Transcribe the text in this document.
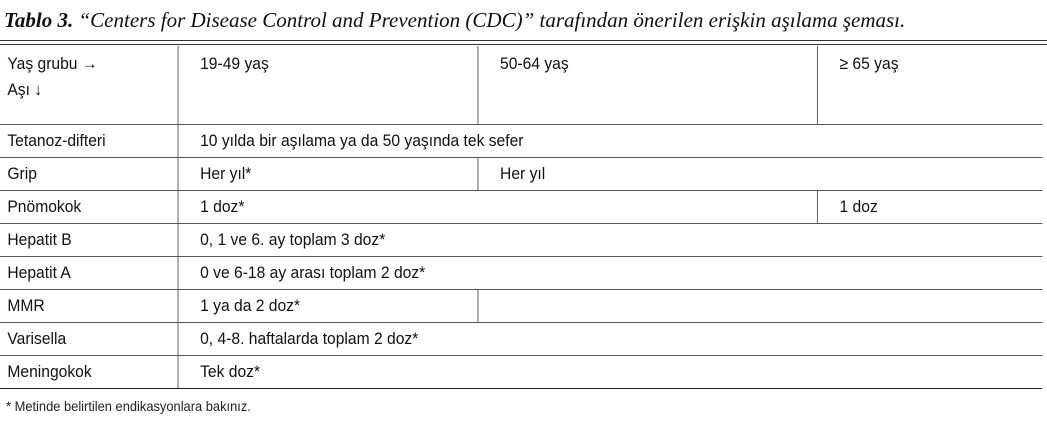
Tablo 3. “Centers for Disease Control and Prevention (CDC)” tarafından önerilen erişkin aşılama şeması.
Yaş grubu →
Aşı ↓	19-49 yaş	50-64 yaş	≥ 65 yaş
Tetanoz-difteri	10 yılda bir aşılama ya da 50 yaşında tek sefer		
Grip	Her yıl*	Her yıl	
Pnömokok	1 doz*		1 doz
Hepatit B	0, 1 ve 6. ay toplam 3 doz*		
Hepatit A	0 ve 6-18 ay arası toplam 2 doz*		
MMR	1 ya da 2 doz*		
Varisella	0, 4-8. haftalarda toplam 2 doz*		
Meningokok	Tek doz*		
* Metinde belirtilen endikasyonlara bakınız.
